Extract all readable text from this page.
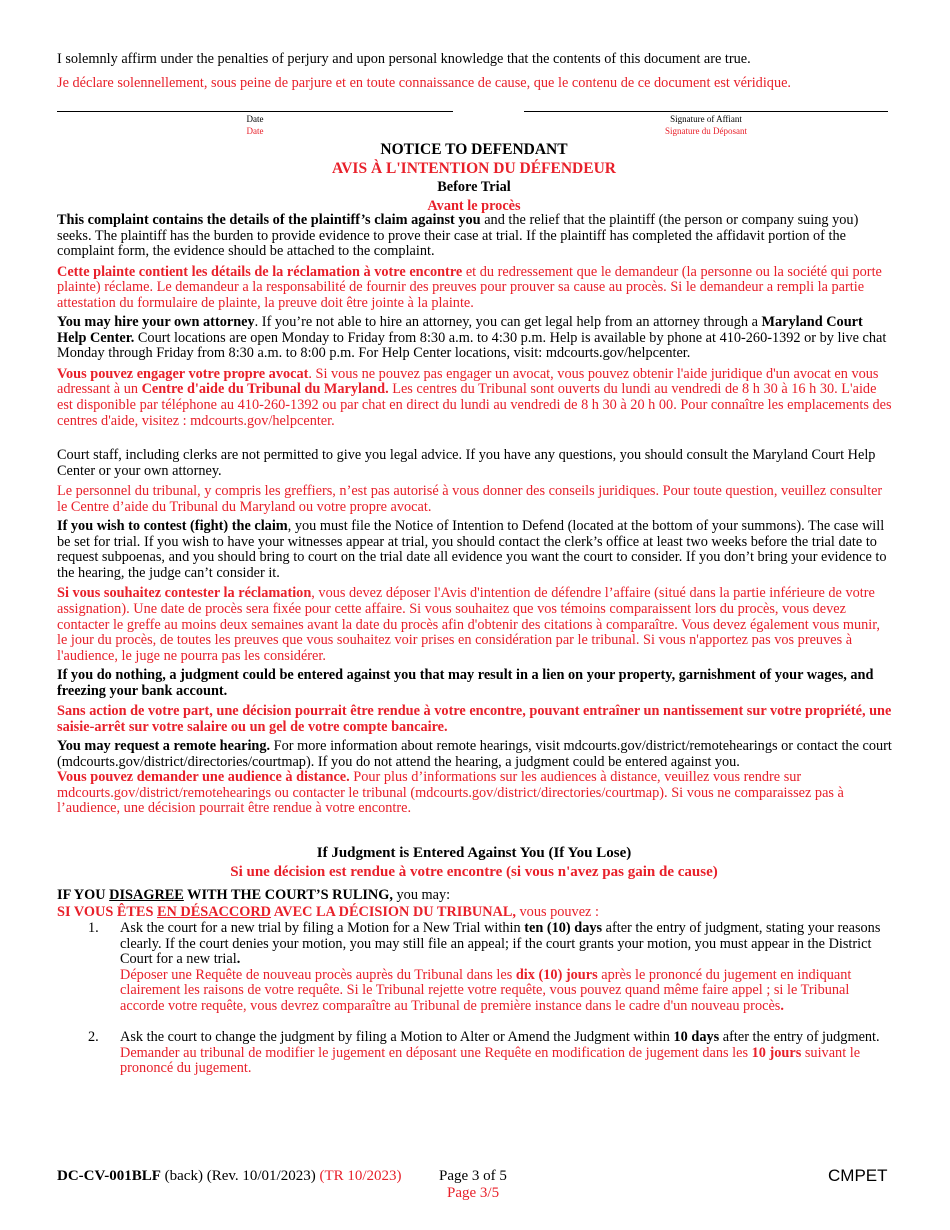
I solemnly affirm under the penalties of perjury and upon personal knowledge that the contents of this document are true.

Je déclare solennellement, sous peine de parjure et en toute connaissance de cause, que le contenu de ce document est véridique.

Date
Date
Signature of Affiant
Signature du Déposant
NOTICE TO DEFENDANT
AVIS À L'INTENTION DU DÉFENDEUR
Before Trial
Avant le procès

This complaint contains the details of the plaintiff’s claim against you and the relief that the plaintiff (the person or company suing you) seeks. The plaintiff has the burden to provide evidence to prove their case at trial. If the plaintiff has completed the affidavit portion of the complaint form, the evidence should be attached to the complaint.

Cette plainte contient les détails de la réclamation à votre encontre et du redressement que le demandeur (la personne ou la société qui porte plainte) réclame. Le demandeur a la responsabilité de fournir des preuves pour prouver sa cause au procès. Si le demandeur a rempli la partie attestation du formulaire de plainte, la preuve doit être jointe à la plainte.

You may hire your own attorney. If you’re not able to hire an attorney, you can get legal help from an attorney through a Maryland Court Help Center. Court locations are open Monday to Friday from 8:30 a.m. to 4:30 p.m. Help is available by phone at 410-260-1392 or by live chat Monday through Friday from 8:30 a.m. to 8:00 p.m. For Help Center locations, visit: mdcourts.gov/helpcenter.

Vous pouvez engager votre propre avocat. Si vous ne pouvez pas engager un avocat, vous pouvez obtenir l'aide juridique d'un avocat en vous adressant à un Centre d'aide du Tribunal du Maryland. Les centres du Tribunal sont ouverts du lundi au vendredi de 8 h 30 à 16 h 30. L'aide est disponible par téléphone au 410-260-1392 ou par chat en direct du lundi au vendredi de 8 h 30 à 20 h 00. Pour connaître les emplacements des centres d'aide, visitez : mdcourts.gov/helpcenter.

Court staff, including clerks are not permitted to give you legal advice. If you have any questions, you should consult the Maryland Court Help Center or your own attorney.

Le personnel du tribunal, y compris les greffiers, n’est pas autorisé à vous donner des conseils juridiques. Pour toute question, veuillez consulter le Centre d’aide du Tribunal du Maryland ou votre propre avocat.

If you wish to contest (fight) the claim, you must file the Notice of Intention to Defend (located at the bottom of your summons). The case will be set for trial. If you wish to have your witnesses appear at trial, you should contact the clerk’s office at least two weeks before the trial date to request subpoenas, and you should bring to court on the trial date all evidence you want the court to consider. If you don’t bring your evidence to the hearing, the judge can’t consider it.

Si vous souhaitez contester la réclamation, vous devez déposer l'Avis d'intention de défendre l’affaire (situé dans la partie inférieure de votre assignation). Une date de procès sera fixée pour cette affaire. Si vous souhaitez que vos témoins comparaissent lors du procès, vous devez contacter le greffe au moins deux semaines avant la date du procès afin d'obtenir des citations à comparaître. Vous devez également vous munir, le jour du procès, de toutes les preuves que vous souhaitez voir prises en considération par le tribunal. Si vous n'apportez pas vos preuves à l'audience, le juge ne pourra pas les considérer.

If you do nothing, a judgment could be entered against you that may result in a lien on your property, garnishment of your wages, and freezing your bank account.

Sans action de votre part, une décision pourrait être rendue à votre encontre, pouvant entraîner un nantissement sur votre propriété, une saisie-arrêt sur votre salaire ou un gel de votre compte bancaire.

You may request a remote hearing. For more information about remote hearings, visit mdcourts.gov/district/remotehearings or contact the court (mdcourts.gov/district/directories/courtmap). If you do not attend the hearing, a judgment could be entered against you.

Vous pouvez demander une audience à distance. Pour plus d’informations sur les audiences à distance, veuillez vous rendre sur mdcourts.gov/district/remotehearings ou contacter le tribunal (mdcourts.gov/district/directories/courtmap). Si vous ne comparaissez pas à l’audience, une décision pourrait être rendue à votre encontre.

If Judgment is Entered Against You (If You Lose)
Si une décision est rendue à votre encontre (si vous n'avez pas gain de cause)

IF YOU DISAGREE WITH THE COURT’S RULING, you may:

SI VOUS ÊTES EN DÉSACCORD AVEC LA DÉCISION DU TRIBUNAL, vous pouvez :

1.	Ask the court for a new trial by filing a Motion for a New Trial within ten (10) days after the entry of judgment, stating your reasons clearly. If the court denies your motion, you may still file an appeal; if the court grants your motion, you must appear in the District Court for a new trial.

Déposer une Requête de nouveau procès auprès du Tribunal dans les dix (10) jours après le prononcé du jugement en indiquant clairement les raisons de votre requête. Si le Tribunal rejette votre requête, vous pouvez quand même faire appel ; si le Tribunal accorde votre requête, vous devrez comparaître au Tribunal de première instance dans le cadre d'un nouveau procès.

2.	Ask the court to change the judgment by filing a Motion to Alter or Amend the Judgment within 10 days after the entry of judgment.

Demander au tribunal de modifier le jugement en déposant une Requête en modification de jugement dans les 10 jours suivant le prononcé du jugement.

DC-CV-001BLF (back) (Rev. 10/01/2023) (TR 10/2023) Page 3 of 5
Page 3/5
CMPET
